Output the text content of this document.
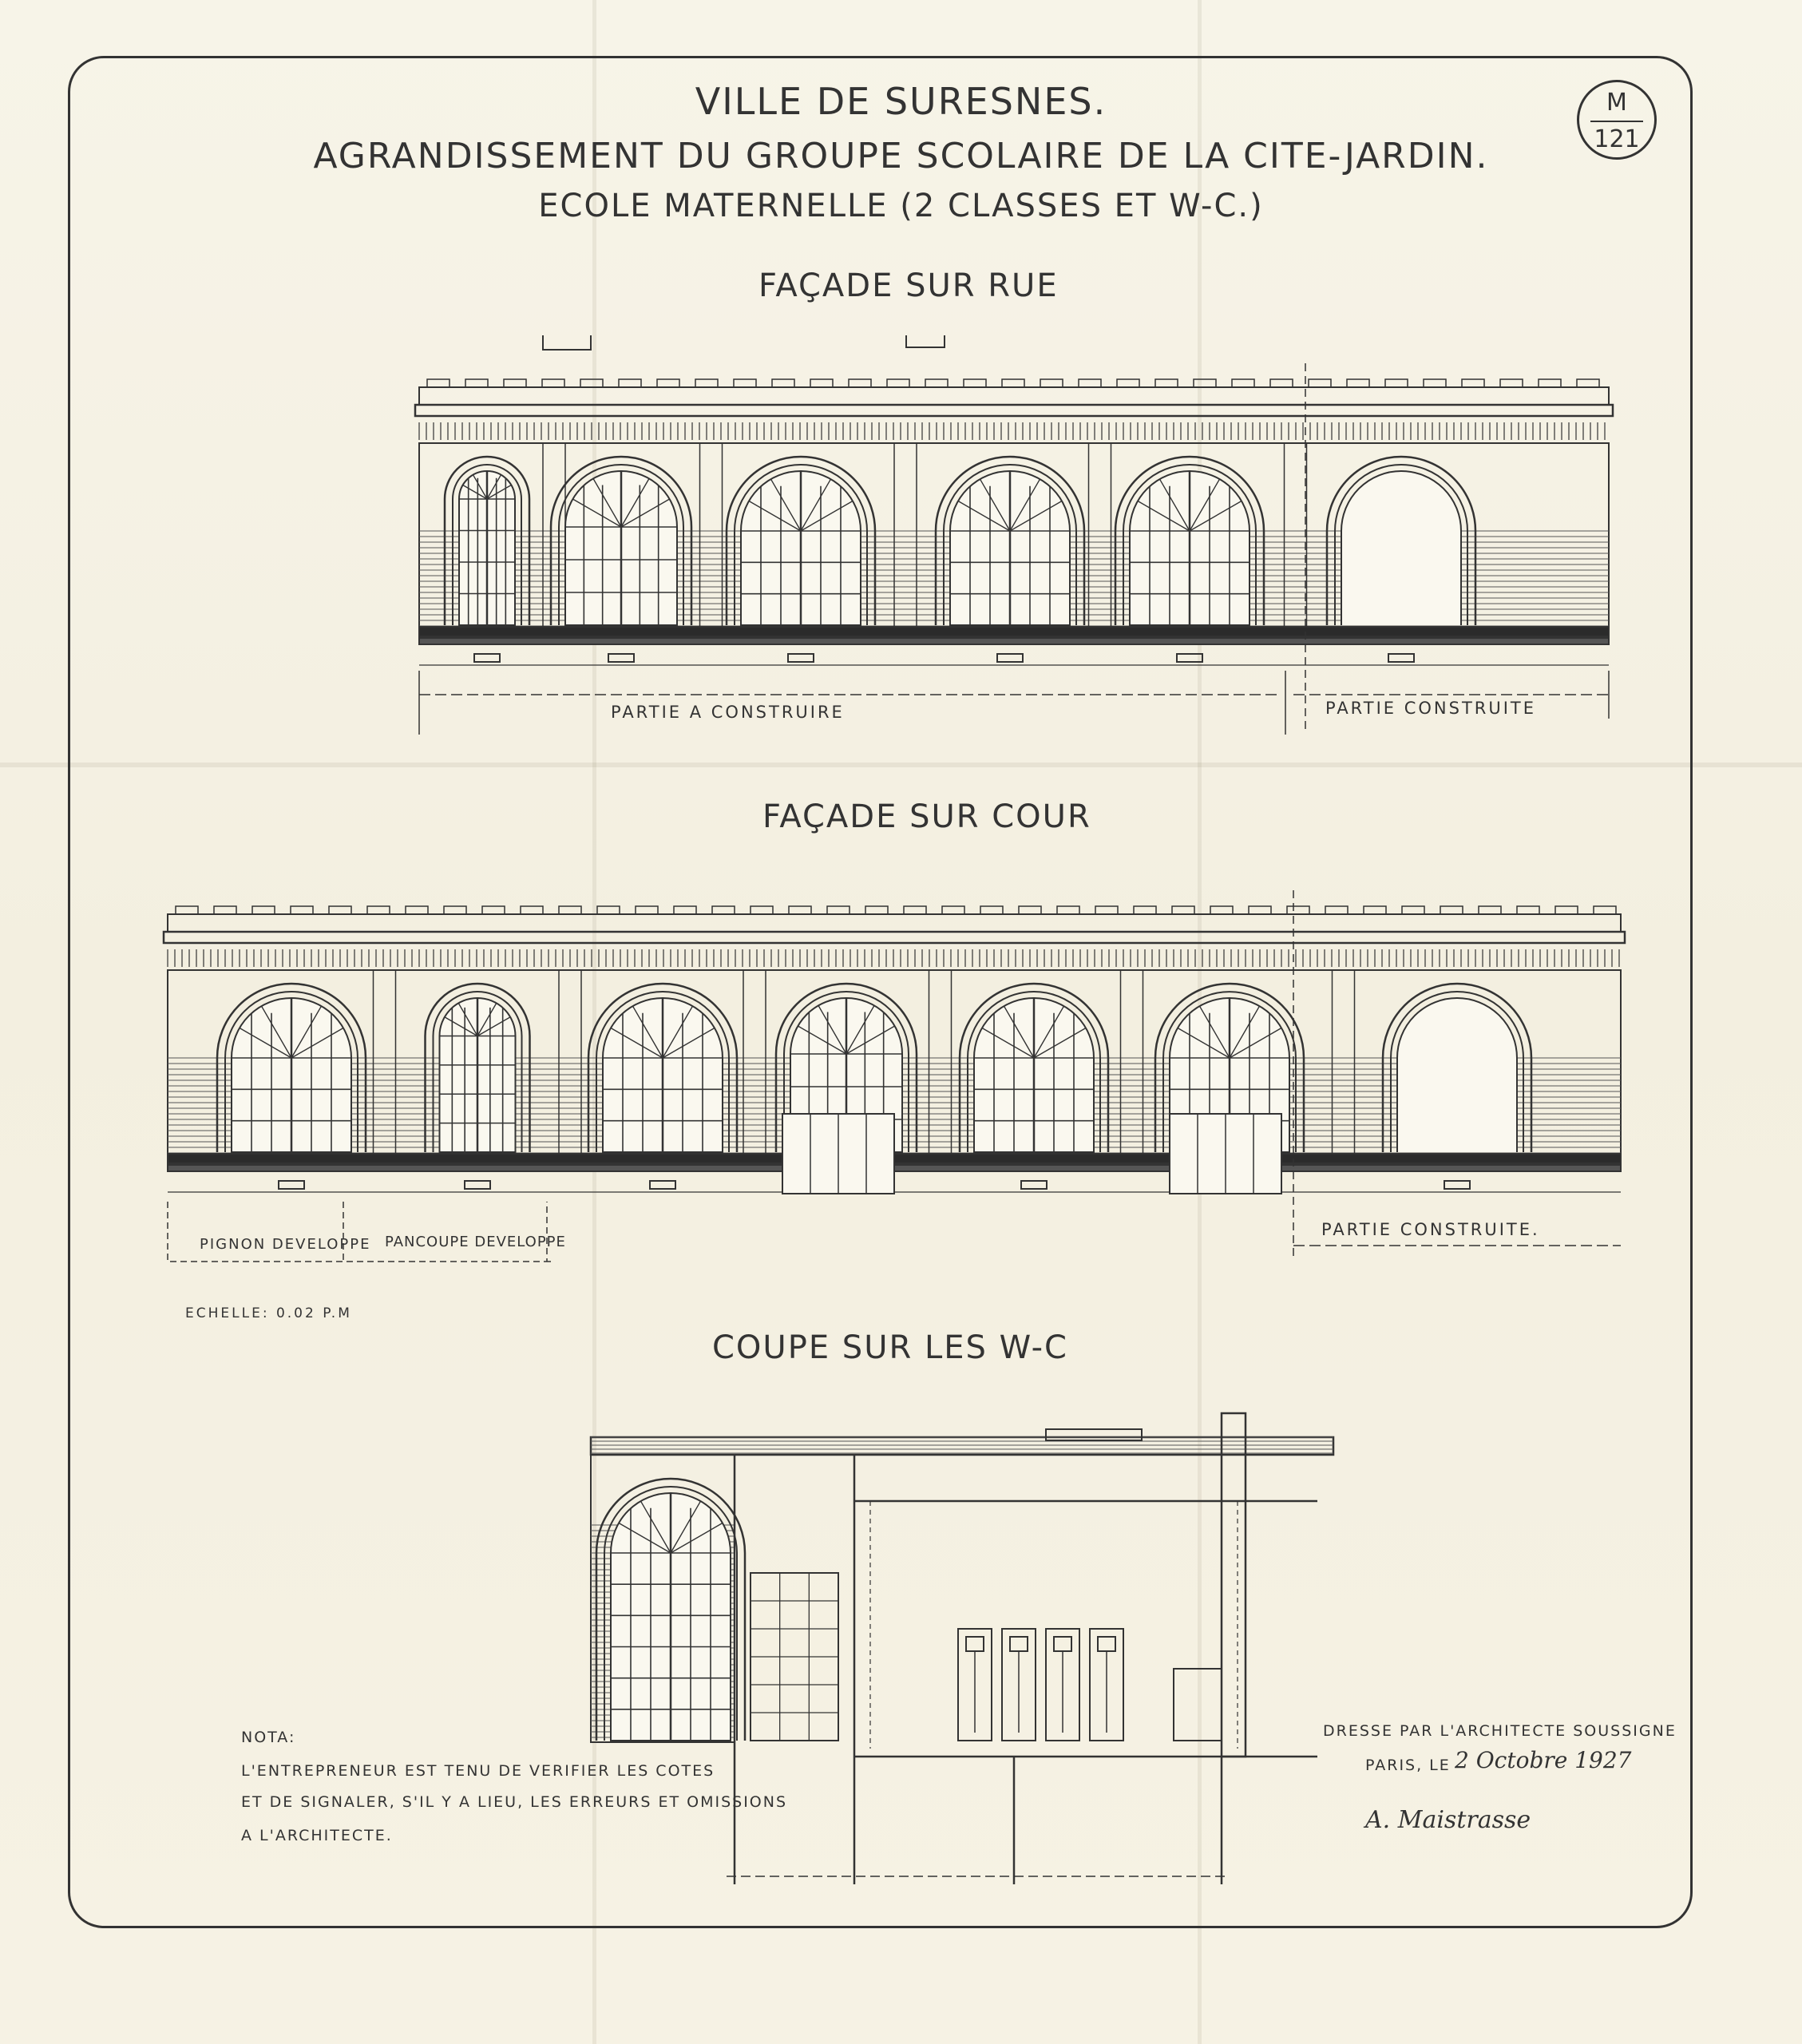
M
121
VILLE DE SURESNES.
AGRANDISSEMENT DU GROUPE SCOLAIRE DE LA CITE-JARDIN.
ECOLE MATERNELLE (2 CLASSES ET W-C.)
FAÇADE SUR RUE
PARTIE A CONSTRUIRE	PARTIE CONSTRUITE
FAÇADE SUR COUR
PIGNON DEVELOPPE PANCOUPE DEVELOPPE
PARTIE CONSTRUITE.
ECHELLE: 0.02 P.M
COUPE SUR LES W-C
NOTA:
L'ENTREPRENEUR EST TENU DE VERIFIER LES COTES
ET DE SIGNALER, S'IL Y A LIEU, LES ERREURS ET OMISSIONS
A L'ARCHITECTE.
DRESSE PAR L'ARCHITECTE SOUSSIGNE
PARIS, LE 2 Octobre 1927
A. Maistrasse
